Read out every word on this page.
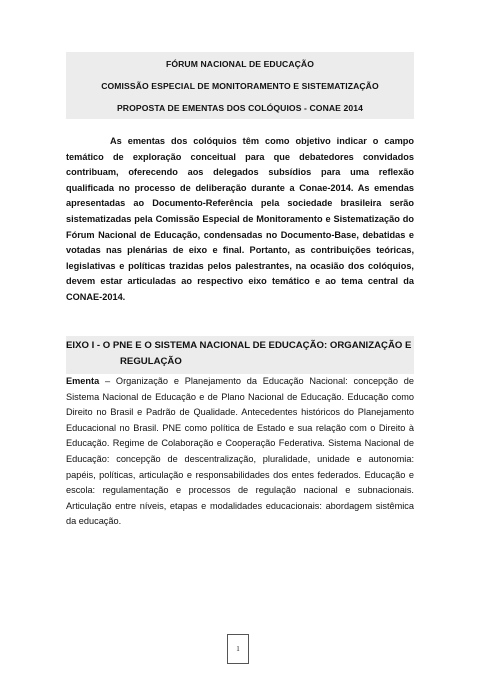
FÓRUM NACIONAL DE EDUCAÇÃO
COMISSÃO ESPECIAL DE MONITORAMENTO E SISTEMATIZAÇÃO
PROPOSTA DE EMENTAS DOS COLÓQUIOS - CONAE 2014

As ementas dos colóquios têm como objetivo indicar o campo temático de exploração conceitual para que debatedores convidados contribuam, oferecendo aos delegados subsídios para uma reflexão qualificada no processo de deliberação durante a Conae-2014. As emendas apresentadas ao Documento-Referência pela sociedade brasileira serão sistematizadas pela Comissão Especial de Monitoramento e Sistematização do Fórum Nacional de Educação, condensadas no Documento-Base, debatidas e votadas nas plenárias de eixo e final. Portanto, as contribuições teóricas, legislativas e políticas trazidas pelos palestrantes, na ocasião dos colóquios, devem estar articuladas ao respectivo eixo temático e ao tema central da CONAE-2014.

EIXO I - O PNE E O SISTEMA NACIONAL DE EDUCAÇÃO: ORGANIZAÇÃO E REGULAÇÃO

Ementa – Organização e Planejamento da Educação Nacional: concepção de Sistema Nacional de Educação e de Plano Nacional de Educação. Educação como Direito no Brasil e Padrão de Qualidade. Antecedentes históricos do Planejamento Educacional no Brasil. PNE como política de Estado e sua relação com o Direito à Educação. Regime de Colaboração e Cooperação Federativa. Sistema Nacional de Educação: concepção de descentralização, pluralidade, unidade e autonomia: papéis, políticas, articulação e responsabilidades dos entes federados. Educação e escola: regulamentação e processos de regulação nacional e subnacionais. Articulação entre níveis, etapas e modalidades educacionais: abordagem sistêmica da educação.

1
